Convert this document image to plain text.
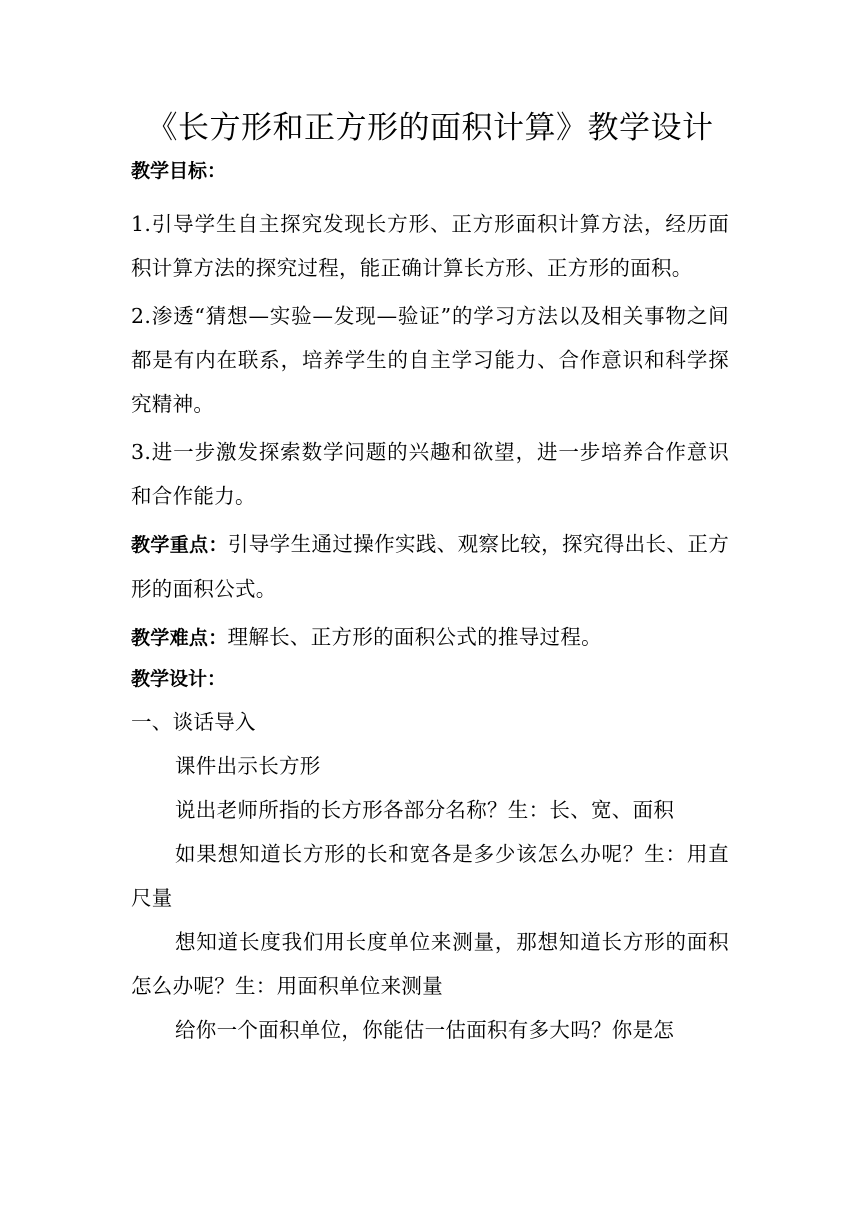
《长方形和正方形的面积计算》教学设计
教学目标：

1.引导学生自主探究发现长方形、正方形面积计算方法，经历面积计算方法的探究过程，能正确计算长方形、正方形的面积。

2.渗透“猜想—实验—发现—验证”的学习方法以及相关事物之间都是有内在联系，培养学生的自主学习能力、合作意识和科学探究精神。

3.进一步激发探索数学问题的兴趣和欲望，进一步培养合作意识和合作能力。

教学重点：引导学生通过操作实践、观察比较，探究得出长、正方形的面积公式。

教学难点：理解长、正方形的面积公式的推导过程。

教学设计：

一、谈话导入

课件出示长方形

说出老师所指的长方形各部分名称？生：长、宽、面积

如果想知道长方形的长和宽各是多少该怎么办呢？生：用直尺量

想知道长度我们用长度单位来测量，那想知道长方形的面积怎么办呢？生：用面积单位来测量

给你一个面积单位，你能估一估面积有多大吗？你是怎
